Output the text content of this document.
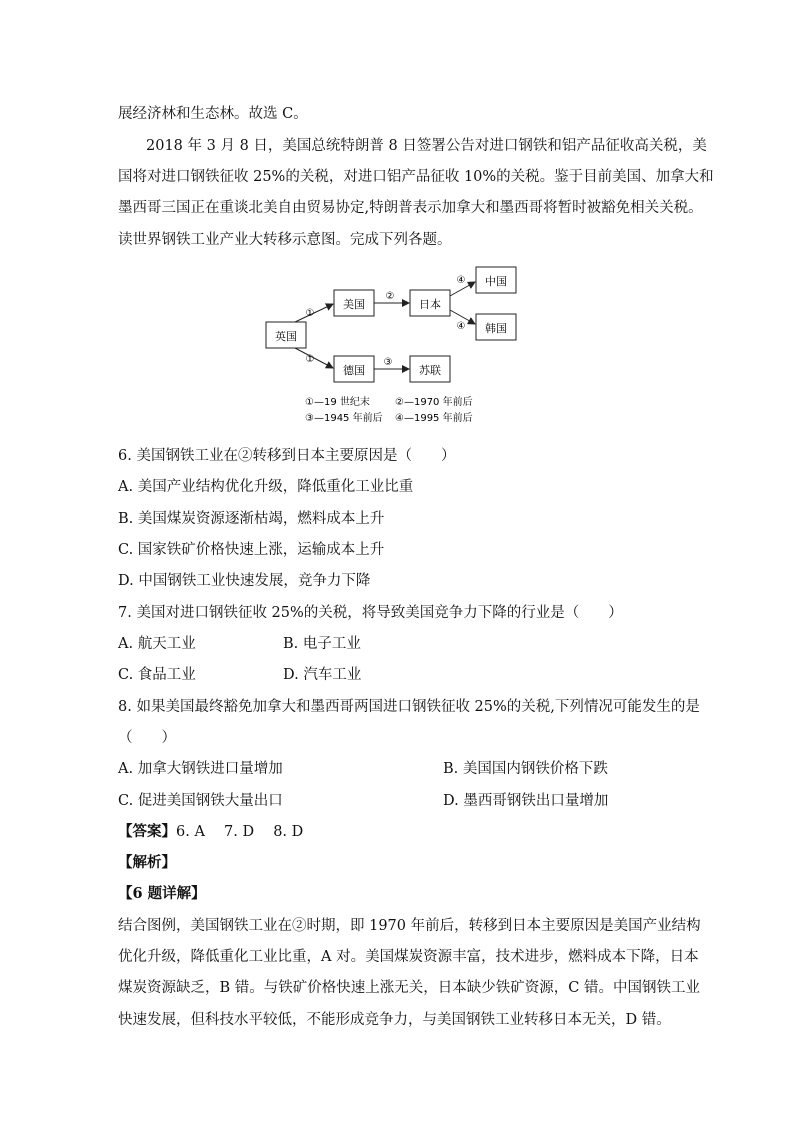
展经济林和生态林。故选 C。
2018 年 3 月 8 日，美国总统特朗普 8 日签署公告对进口钢铁和铝产品征收高关税，美
国将对进口钢铁征收 25%的关税，对进口铝产品征收 10%的关税。鉴于目前美国、加拿大和
墨西哥三国正在重谈北美自由贸易协定,特朗普表示加拿大和墨西哥将暂时被豁免相关关税。
读世界钢铁工业产业大转移示意图。完成下列各题。
英国
美国
德国
日本
苏联
中国
韩国
①
①
②
③
④
④
①—19 世纪末	②—1970 年前后
③—1945 年前后 ④—1995 年前后
6. 美国钢铁工业在②转移到日本主要原因是（　　）
A. 美国产业结构优化升级，降低重化工业比重
B. 美国煤炭资源逐渐枯竭，燃料成本上升
C. 国家铁矿价格快速上涨，运输成本上升
D. 中国钢铁工业快速发展，竞争力下降
7. 美国对进口钢铁征收 25%的关税，将导致美国竞争力下降的行业是（　　）
A. 航天工业	B. 电子工业
C. 食品工业	D. 汽车工业
8. 如果美国最终豁免加拿大和墨西哥两国进口钢铁征收 25%的关税,下列情况可能发生的是
（　　）
A. 加拿大钢铁进口量增加	B. 美国国内钢铁价格下跌
C. 促进美国钢铁大量出口	D. 墨西哥钢铁出口量增加
【答案】6. A　 7. D　 8. D
【解析】
【6 题详解】
结合图例，美国钢铁工业在②时期，即 1970 年前后，转移到日本主要原因是美国产业结构
优化升级，降低重化工业比重，A 对。美国煤炭资源丰富，技术进步，燃料成本下降，日本
煤炭资源缺乏，B 错。与铁矿价格快速上涨无关，日本缺少铁矿资源，C 错。中国钢铁工业
快速发展，但科技水平较低，不能形成竞争力，与美国钢铁工业转移日本无关，D 错。
